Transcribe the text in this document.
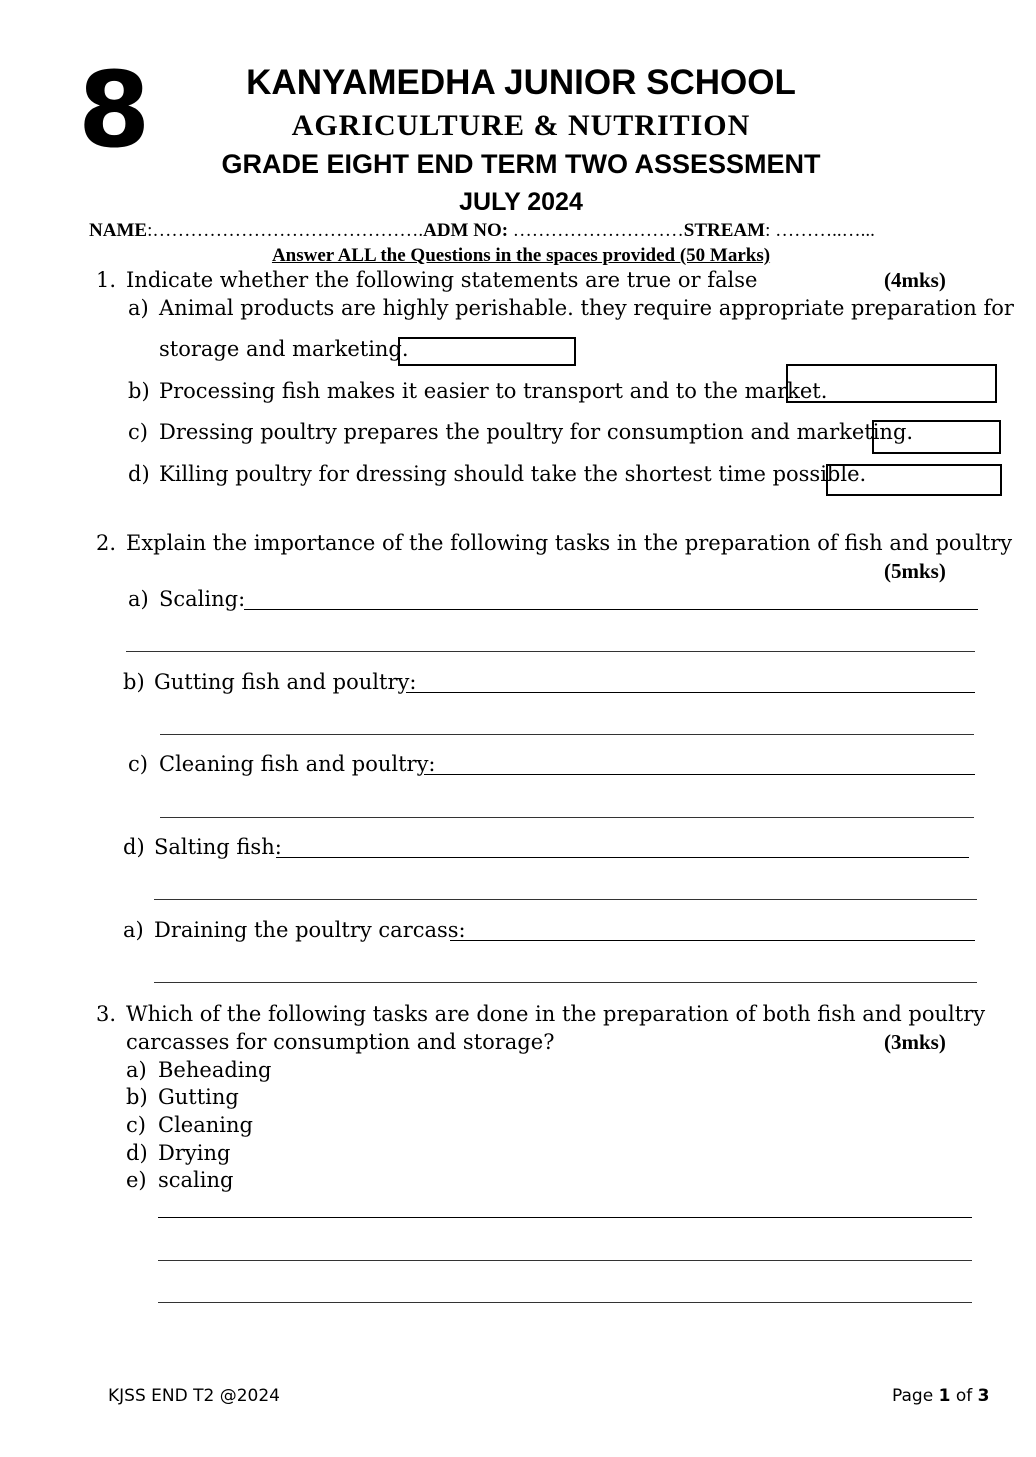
8	KANYAMEDHA JUNIOR SCHOOL
AGRICULTURE & NUTRITION
GRADE EIGHT END TERM TWO ASSESSMENT
JULY 2024
NAME:…………………………………….ADM NO: ………………………STREAM: ………..…...
Answer ALL the Questions in the spaces provided (50 Marks)
1. Indicate whether the following statements are true or false	(4mks)
a) Animal products are highly perishable. they require appropriate preparation for
storage and marketing.
b) Processing fish makes it easier to transport and to the market.
c) Dressing poultry prepares the poultry for consumption and marketing.
d) Killing poultry for dressing should take the shortest time possible.
2. Explain the importance of the following tasks in the preparation of fish and poultry
(5mks)
a) Scaling:
b) Gutting fish and poultry:
c) Cleaning fish and poultry:
d) Salting fish:
a) Draining the poultry carcass:
3. Which of the following tasks are done in the preparation of both fish and poultry
carcasses for consumption and storage?	(3mks)
a) Beheading
b) Gutting
c) Cleaning
d) Drying
e) scaling
KJSS END T2 @2024	Page 1 of 3
